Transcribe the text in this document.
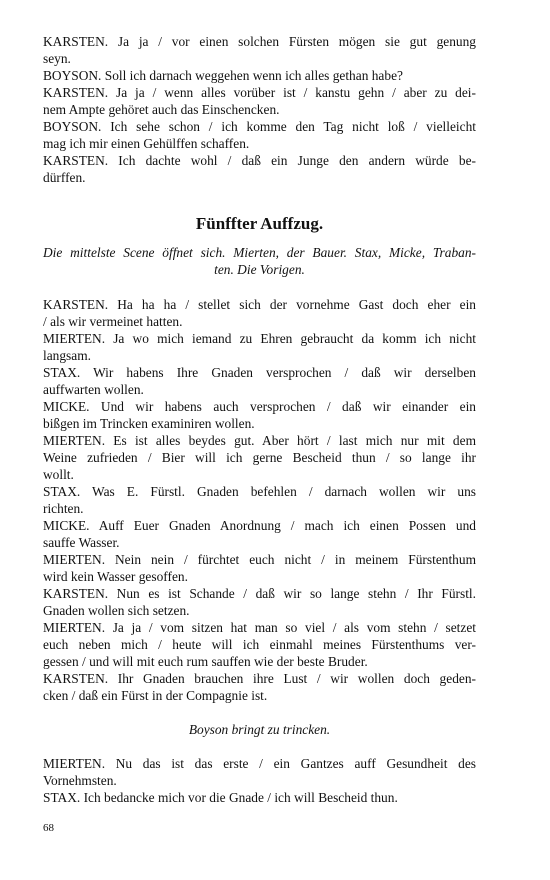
KARSTEN. Ja ja / vor einen solchen Fürsten mögen sie gut genung
seyn.
BOYSON. Soll ich darnach weggehen wenn ich alles gethan habe?
KARSTEN. Ja ja / wenn alles vorüber ist / kanstu gehn / aber zu dei-
nem Ampte gehöret auch das Einschencken.
BOYSON. Ich sehe schon / ich komme den Tag nicht loß / vielleicht
mag ich mir einen Gehülffen schaffen.
KARSTEN. Ich dachte wohl / daß ein Junge den andern würde be-
dürffen.
Fünffter Auffzug.
Die mittelste Scene öffnet sich. Mierten, der Bauer. Stax, Micke, Traban-
ten. Die Vorigen.
KARSTEN. Ha ha ha / stellet sich der vornehme Gast doch eher ein
/ als wir vermeinet hatten.
MIERTEN. Ja wo mich iemand zu Ehren gebraucht da komm ich nicht
langsam.
STAX. Wir habens Ihre Gnaden versprochen / daß wir derselben
auffwarten wollen.
MICKE. Und wir habens auch versprochen / daß wir einander ein
bißgen im Trincken examiniren wollen.
MIERTEN. Es ist alles beydes gut. Aber hört / last mich nur mit dem
Weine zufrieden / Bier will ich gerne Bescheid thun / so lange ihr
wollt.
STAX. Was E. Fürstl. Gnaden befehlen / darnach wollen wir uns
richten.
MICKE. Auff Euer Gnaden Anordnung / mach ich einen Possen und
sauffe Wasser.
MIERTEN. Nein nein / fürchtet euch nicht / in meinem Fürstenthum
wird kein Wasser gesoffen.
KARSTEN. Nun es ist Schande / daß wir so lange stehn / Ihr Fürstl.
Gnaden wollen sich setzen.
MIERTEN. Ja ja / vom sitzen hat man so viel / als vom stehn / setzet
euch neben mich / heute will ich einmahl meines Fürstenthums ver-
gessen / und will mit euch rum sauffen wie der beste Bruder.
KARSTEN. Ihr Gnaden brauchen ihre Lust / wir wollen doch geden-
cken / daß ein Fürst in der Compagnie ist.
Boyson bringt zu trincken.
MIERTEN. Nu das ist das erste / ein Gantzes auff Gesundheit des
Vornehmsten.
STAX. Ich bedancke mich vor die Gnade / ich will Bescheid thun.
68
